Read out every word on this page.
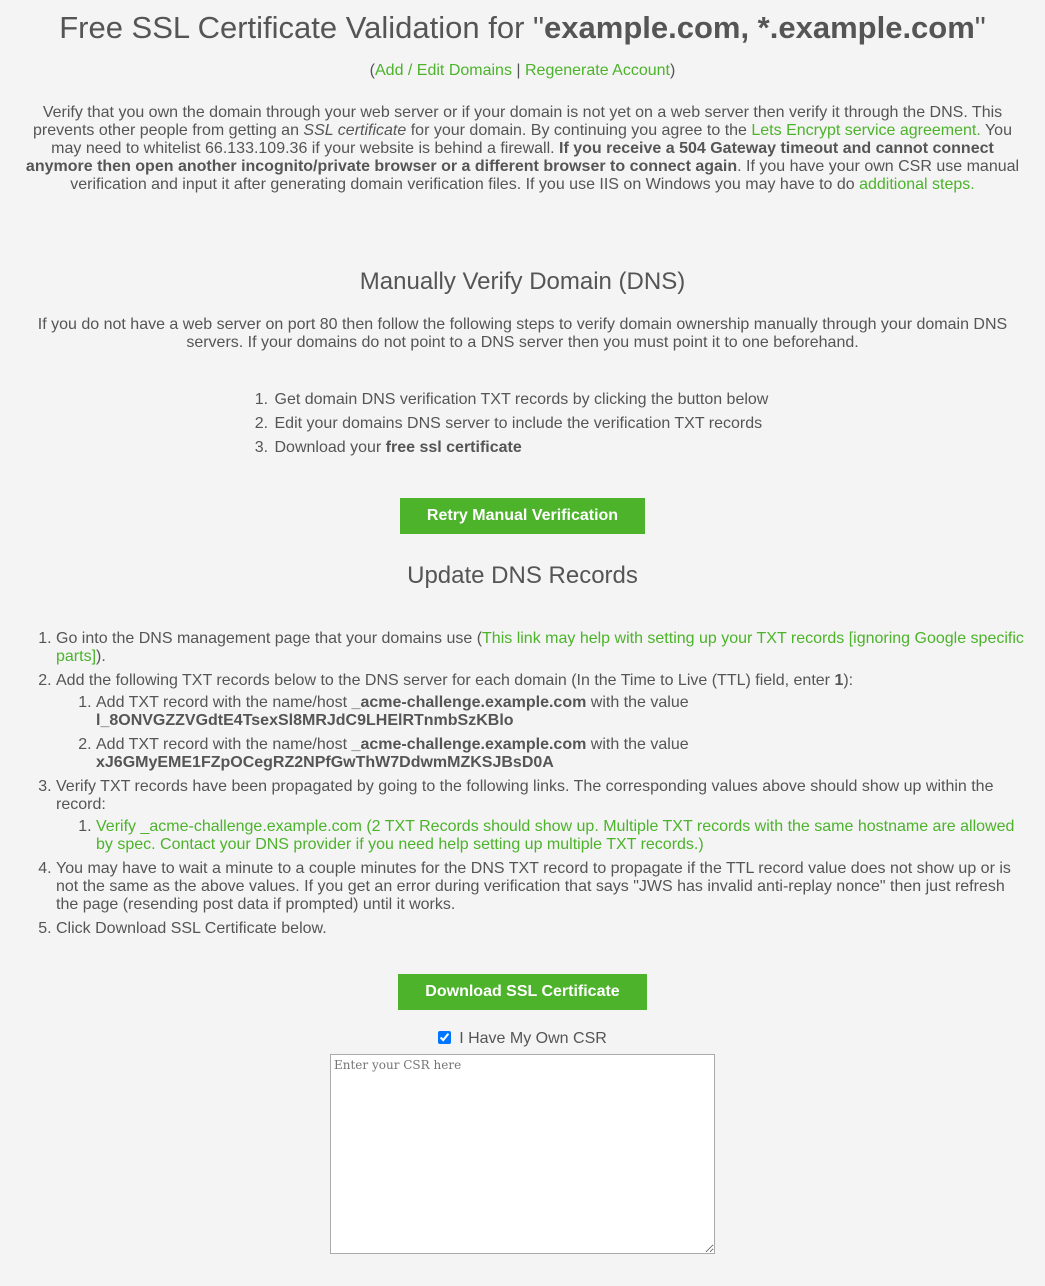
Free SSL Certificate Validation for "example.com, *.example.com"
(Add / Edit Domains | Regenerate Account)
Verify that you own the domain through your web server or if your domain is not yet on a web server then verify it through the DNS. This prevents other people from getting an SSL certificate for your domain. By continuing you agree to the Lets Encrypt service agreement. You may need to whitelist 66.133.109.36 if your website is behind a firewall. If you receive a 504 Gateway timeout and cannot connect anymore then open another incognito/private browser or a different browser to connect again. If you have your own CSR use manual verification and input it after generating domain verification files. If you use IIS on Windows you may have to do additional steps.
Manually Verify Domain (DNS)
If you do not have a web server on port 80 then follow the following steps to verify domain ownership manually through your domain DNS servers. If your domains do not point to a DNS server then you must point it to one beforehand.
1. Get domain DNS verification TXT records by clicking the button below
2. Edit your domains DNS server to include the verification TXT records
3. Download your free ssl certificate
Retry Manual Verification
Update DNS Records
1. Go into the DNS management page that your domains use (This link may help with setting up your TXT records [ignoring Google specific parts]).
2. Add the following TXT records below to the DNS server for each domain (In the Time to Live (TTL) field, enter 1):
1. Add TXT record with the name/host _acme-challenge.example.com with the value
l_8ONVGZZVGdtE4TsexSl8MRJdC9LHElRTnmbSzKBlo
2. Add TXT record with the name/host _acme-challenge.example.com with the value
xJ6GMyEME1FZpOCegRZ2NPfGwThW7DdwmMZKSJBsD0A
3. Verify TXT records have been propagated by going to the following links. The corresponding values above should show up within the record:
1. Verify _acme-challenge.example.com (2 TXT Records should show up. Multiple TXT records with the same hostname are allowed by spec. Contact your DNS provider if you need help setting up multiple TXT records.)
4. You may have to wait a minute to a couple minutes for the DNS TXT record to propagate if the TTL record value does not show up or is not the same as the above values. If you get an error during verification that says "JWS has invalid anti-replay nonce" then just refresh the page (resending post data if prompted) until it works.
5. Click Download SSL Certificate below.
Download SSL Certificate
I Have My Own CSR
Enter your CSR here
